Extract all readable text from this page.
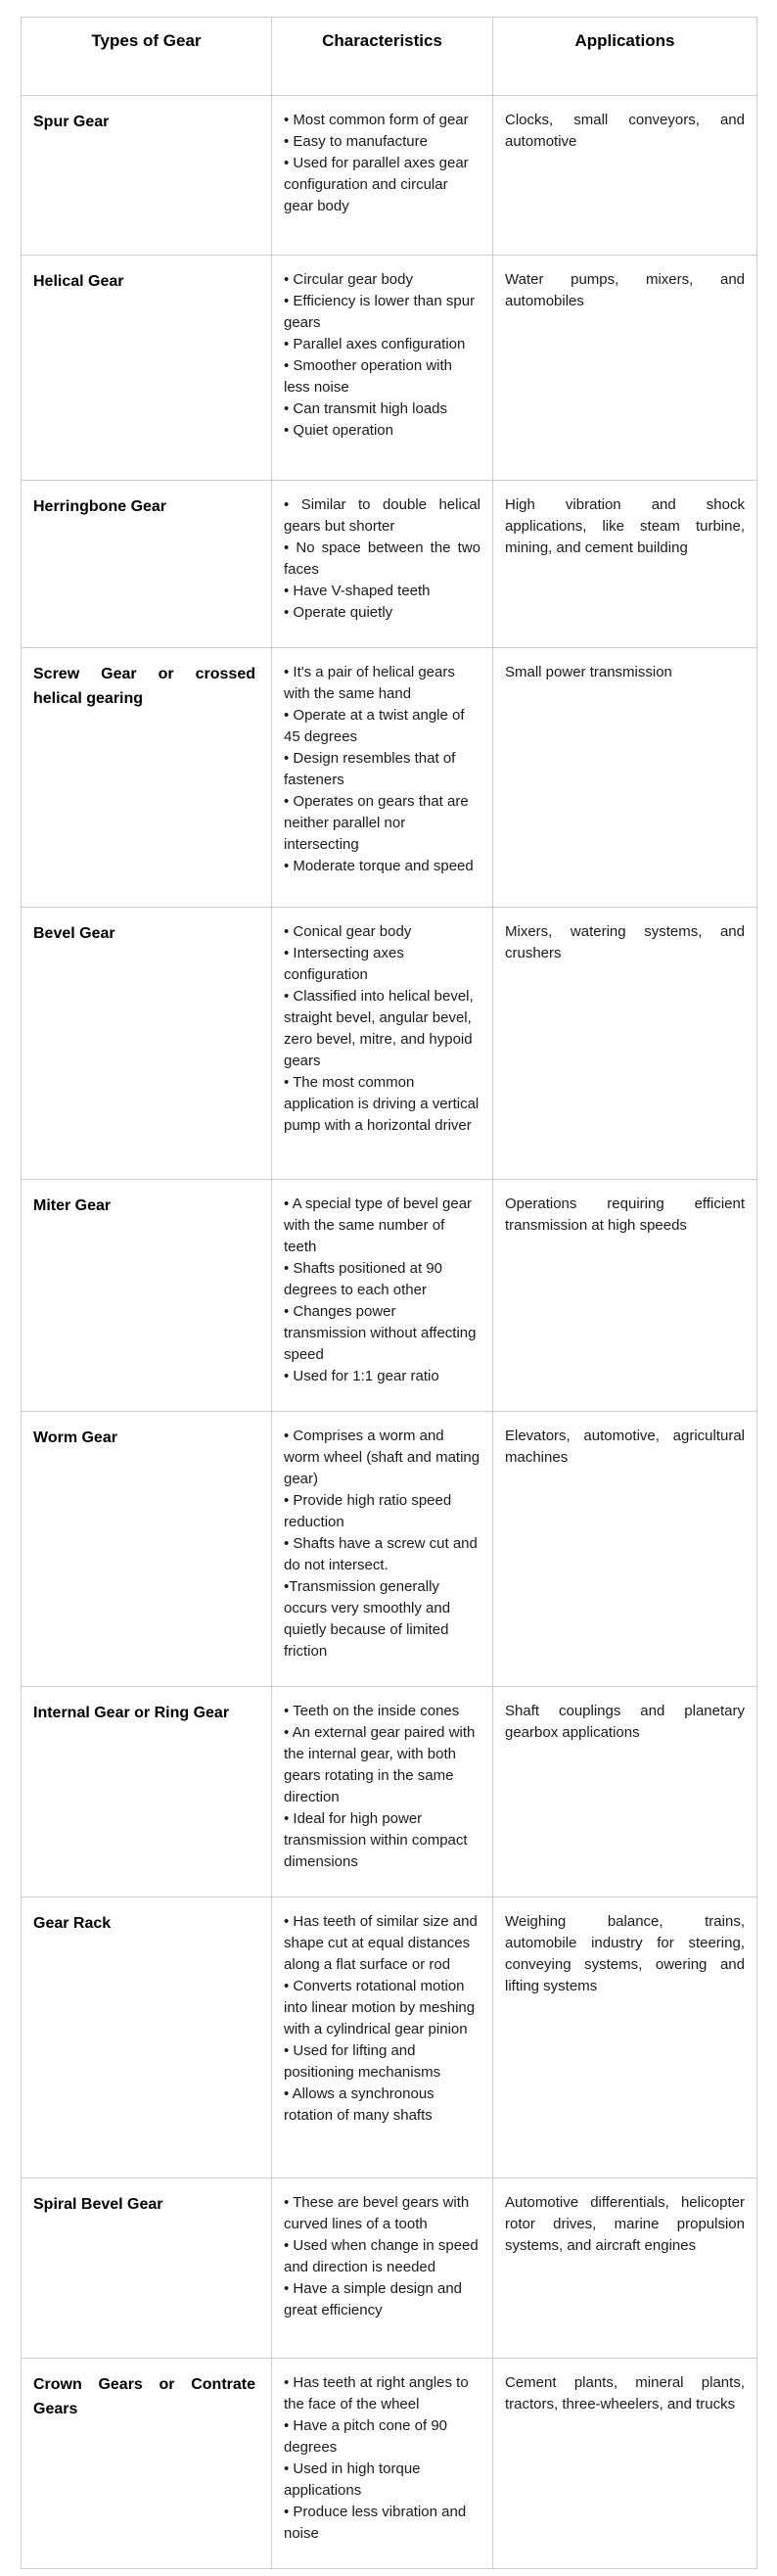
Types of Gear	Characteristics	Applications
Spur Gear	• Most common form of gear
• Easy to manufacture
• Used for parallel axes gear configuration and circular gear body	Clocks, small conveyors, and automotive
Helical Gear	• Circular gear body
• Efficiency is lower than spur gears
• Parallel axes configuration
• Smoother operation with less noise
• Can transmit high loads
• Quiet operation
	Water pumps, mixers, and automobiles
Herringbone Gear	• Similar to double helical gears but shorter
• No space between the two faces
• Have V-shaped teeth
• Operate quietly	High vibration and shock applications, like steam turbine, mining, and cement building
Screw Gear or crossed helical gearing	• It's a pair of helical gears with the same hand
• Operate at a twist angle of 45 degrees
• Design resembles that of fasteners
• Operates on gears that are neither parallel nor intersecting
• Moderate torque and speed	Small power transmission
Bevel Gear	• Conical gear body
• Intersecting axes configuration
• Classified into helical bevel, straight bevel, angular bevel, zero bevel, mitre, and hypoid gears
• The most common application is driving a vertical pump with a horizontal driver	Mixers, watering systems, and crushers
Miter Gear	• A special type of bevel gear with the same number of teeth
• Shafts positioned at 90 degrees to each other
• Changes power transmission without affecting speed
• Used for 1:1 gear ratio	Operations requiring efficient transmission at high speeds
Worm Gear	• Comprises a worm and worm wheel (shaft and mating gear)
• Provide high ratio speed reduction
• Shafts have a screw cut and do not intersect.
•Transmission generally occurs very smoothly and quietly because of limited friction	Elevators, automotive, agricultural machines
Internal Gear or Ring Gear	• Teeth on the inside cones
• An external gear paired with the internal gear, with both gears rotating in the same direction
• Ideal for high power transmission within compact dimensions	Shaft couplings and planetary gearbox applications
Gear Rack	• Has teeth of similar size and shape cut at equal distances along a flat surface or rod
• Converts rotational motion into linear motion by meshing with a cylindrical gear pinion
• Used for lifting and positioning mechanisms
• Allows a synchronous rotation of many shafts	Weighing balance, trains, automobile industry for steering, conveying systems, owering and lifting systems
Spiral Bevel Gear	• These are bevel gears with curved lines of a tooth
• Used when change in speed and direction is needed
• Have a simple design and great efficiency	Automotive differentials, helicopter rotor drives, marine propulsion systems, and aircraft engines
Crown Gears or Contrate Gears	• Has teeth at right angles to the face of the wheel
• Have a pitch cone of 90 degrees
• Used in high torque applications
• Produce less vibration and noise	Cement plants, mineral plants, tractors, three-wheelers, and trucks
